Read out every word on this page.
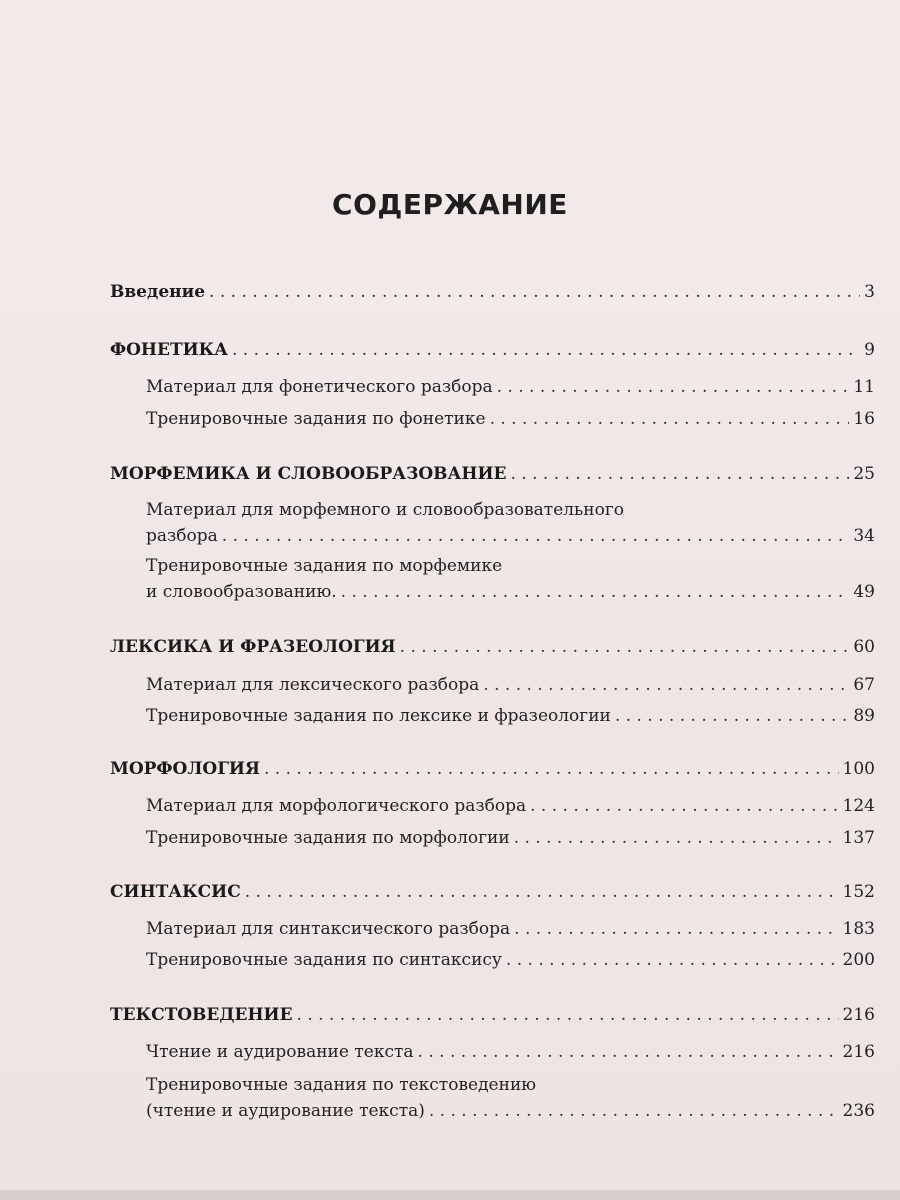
СОДЕРЖАНИЕ
Введение . . .	3
ФОНЕТИКА . . .	9
Материал для фонетического разбора . . .	11
Тренировочные задания по фонетике . . .	16
МОРФЕМИКА И СЛОВООБРАЗОВАНИЕ . . .	25
Материал для морфемного и словообразовательного
разбора . . .	34
Тренировочные задания по морфемике
и словообразованию. . . .	49
ЛЕКСИКА И ФРАЗЕОЛОГИЯ . . .	60
Материал для лексического разбора . . .	67
Тренировочные задания по лексике и фразеологии . . .	89
МОРФОЛОГИЯ . . .	100
Материал для морфологического разбора . . .	124
Тренировочные задания по морфологии . . .	137
СИНТАКСИС . . .	152
Материал для синтаксического разбора . . .	183
Тренировочные задания по синтаксису . . .	200
ТЕКСТОВЕДЕНИЕ . . .	216
Чтение и аудирование текста . . .	216
Тренировочные задания по текстоведению
(чтение и аудирование текста) . . .	236
